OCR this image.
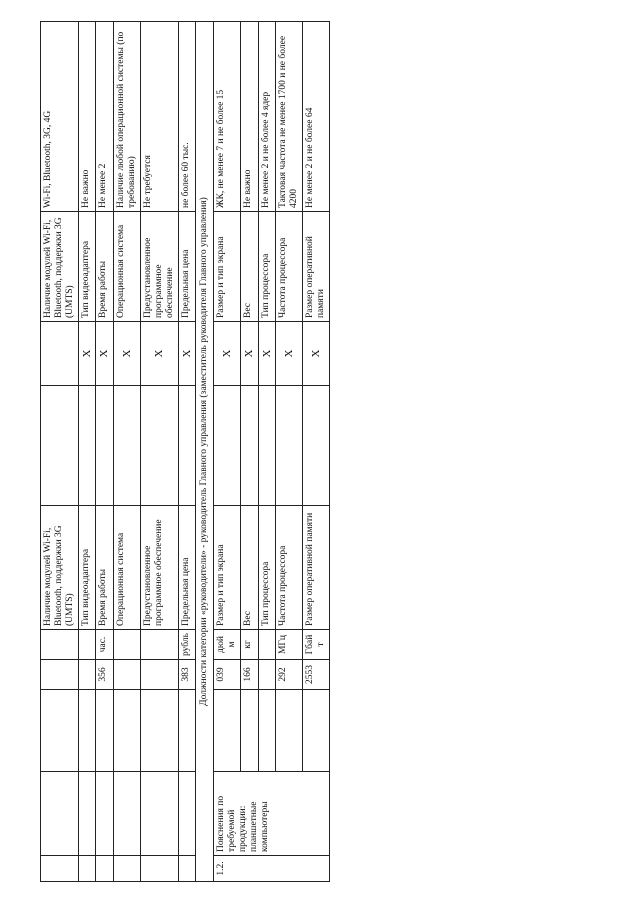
					Наличие модулей Wi-Fi, Bluetooth, поддержки 3G (UMTS)			Наличие модулей Wi-Fi, Bluetooth, поддержки 3G (UMTS)	Wi-Fi, Bluetooth, 3G, 4G
					Тип видеоадаптера		X	Тип видеоадаптера	Не важно
			356	час.	Время работы		X	Время работы	Не менее 2
					Операционная система		X	Операционная система	Наличие любой операционной системы (по требованию)
					Предустановленное программное обеспечение		X	Предустановленное программное обеспечение	Не требуется
			383	рубль	Предельная цена		X	Предельная цена	не более 60 тыс.
Должности категории «руководители» - руководитель Главного управления (заместитель руководителя Главного управления)									
1.2.	Пояснения по требуемой продукции: планшетные компьютеры		039	дюйм	Размер и тип экрана		X	Размер и тип экрана	ЖК, не менее 7 и не более 15
			166	кг	Вес		X	Вес	Не важно
					Тип процессора		X	Тип процессора	Не менее 2 и не более 4 ядер
			292	МГц	Частота процессора		X	Частота процессора	Тактовая частота не менее 1700 и не более 4200
			2553	Гбайт	Размер оперативной памяти		X	Размер оперативной памяти	Не менее 2 и не более 64
